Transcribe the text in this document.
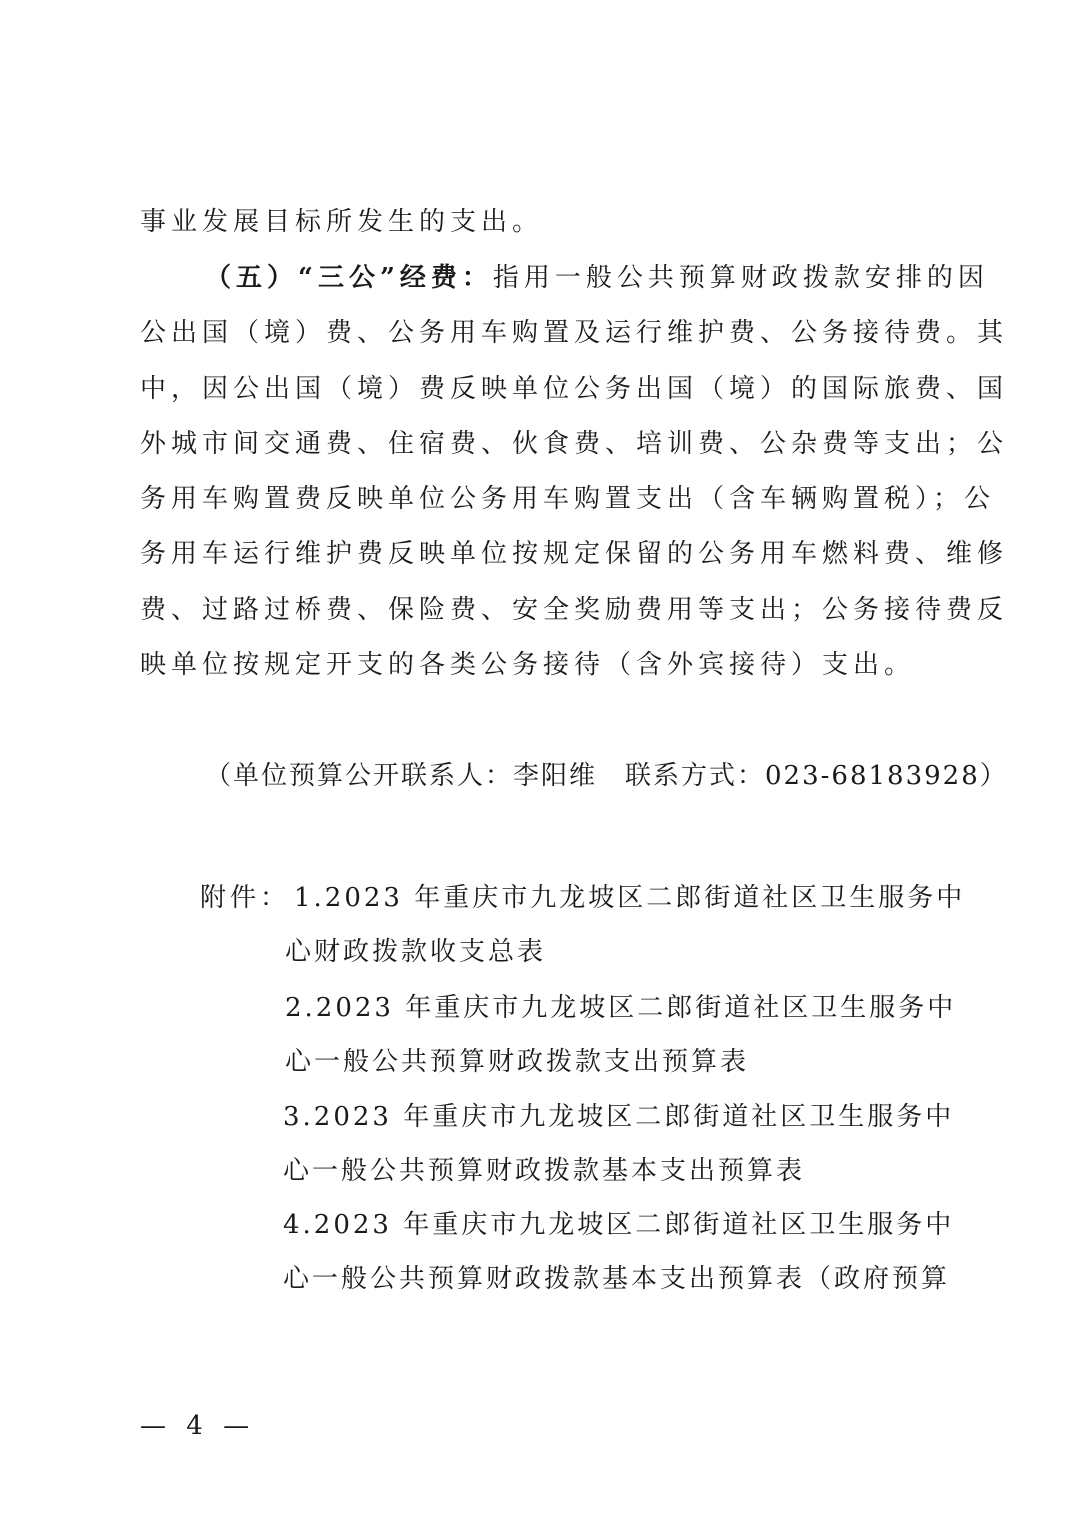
事业发展目标所发生的支出。
（五）“三公”经费：指用一般公共预算财政拨款安排的因
公出国（境）费、公务用车购置及运行维护费、公务接待费。其
中，因公出国（境）费反映单位公务出国（境）的国际旅费、国
外城市间交通费、住宿费、伙食费、培训费、公杂费等支出；公
务用车购置费反映单位公务用车购置支出（含车辆购置税）；公
务用车运行维护费反映单位按规定保留的公务用车燃料费、维修
费、过路过桥费、保险费、安全奖励费用等支出；公务接待费反
映单位按规定开支的各类公务接待（含外宾接待）支出。
（单位预算公开联系人：李阳维　联系方式：023-68183928）
附件： 1.2023 年重庆市九龙坡区二郎街道社区卫生服务中
心财政拨款收支总表
2.2023 年重庆市九龙坡区二郎街道社区卫生服务中
心一般公共预算财政拨款支出预算表
3.2023 年重庆市九龙坡区二郎街道社区卫生服务中
心一般公共预算财政拨款基本支出预算表
4.2023 年重庆市九龙坡区二郎街道社区卫生服务中
心一般公共预算财政拨款基本支出预算表（政府预算
— 4 —
